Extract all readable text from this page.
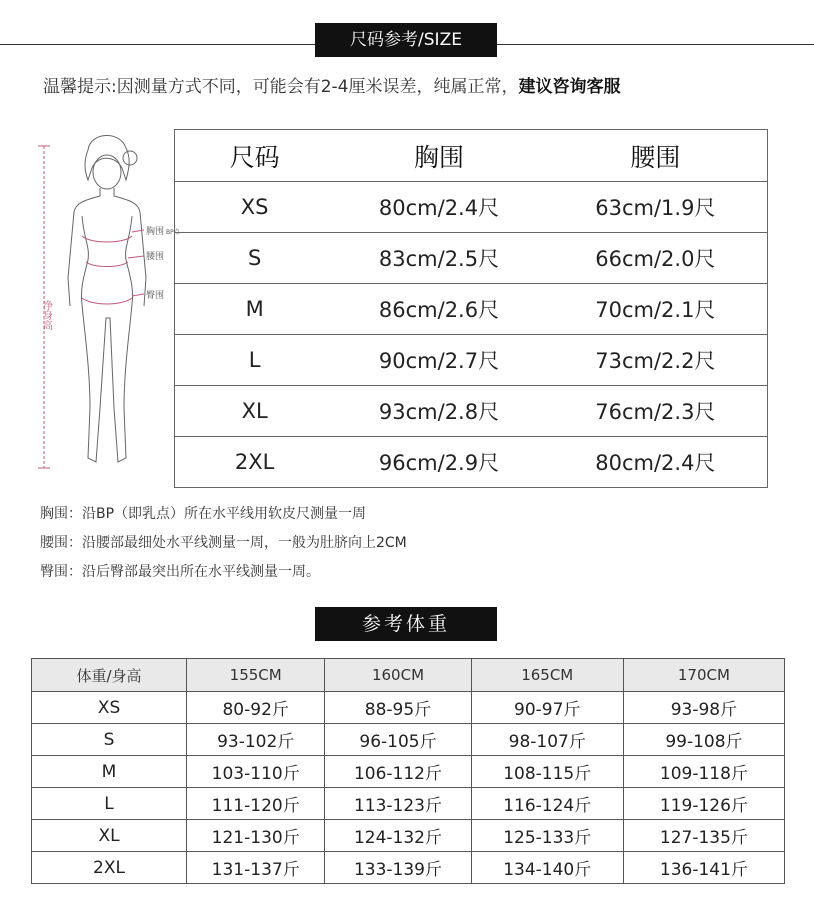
尺码参考/SIZE
温馨提示:因测量方式不同，可能会有2-4厘米误差，纯属正常，建议咨询客服
净身高
胸围 BP点
腰围
臀围
尺码	胸围	腰围
XS	80cm/2.4尺	63cm/1.9尺
S	83cm/2.5尺	66cm/2.0尺
M	86cm/2.6尺	70cm/2.1尺
L	90cm/2.7尺	73cm/2.2尺
XL	93cm/2.8尺	76cm/2.3尺
2XL	96cm/2.9尺	80cm/2.4尺
胸围：沿BP（即乳点）所在水平线用软皮尺测量一周
腰围：沿腰部最细处水平线测量一周，一般为肚脐向上2CM
臀围：沿后臀部最突出所在水平线测量一周。
参考体重
体重/身高	155CM	160CM	165CM	170CM
XS	80-92斤	88-95斤	90-97斤	93-98斤
S	93-102斤	96-105斤	98-107斤	99-108斤
M	103-110斤	106-112斤	108-115斤	109-118斤
L	111-120斤	113-123斤	116-124斤	119-126斤
XL	121-130斤	124-132斤	125-133斤	127-135斤
2XL	131-137斤	133-139斤	134-140斤	136-141斤
